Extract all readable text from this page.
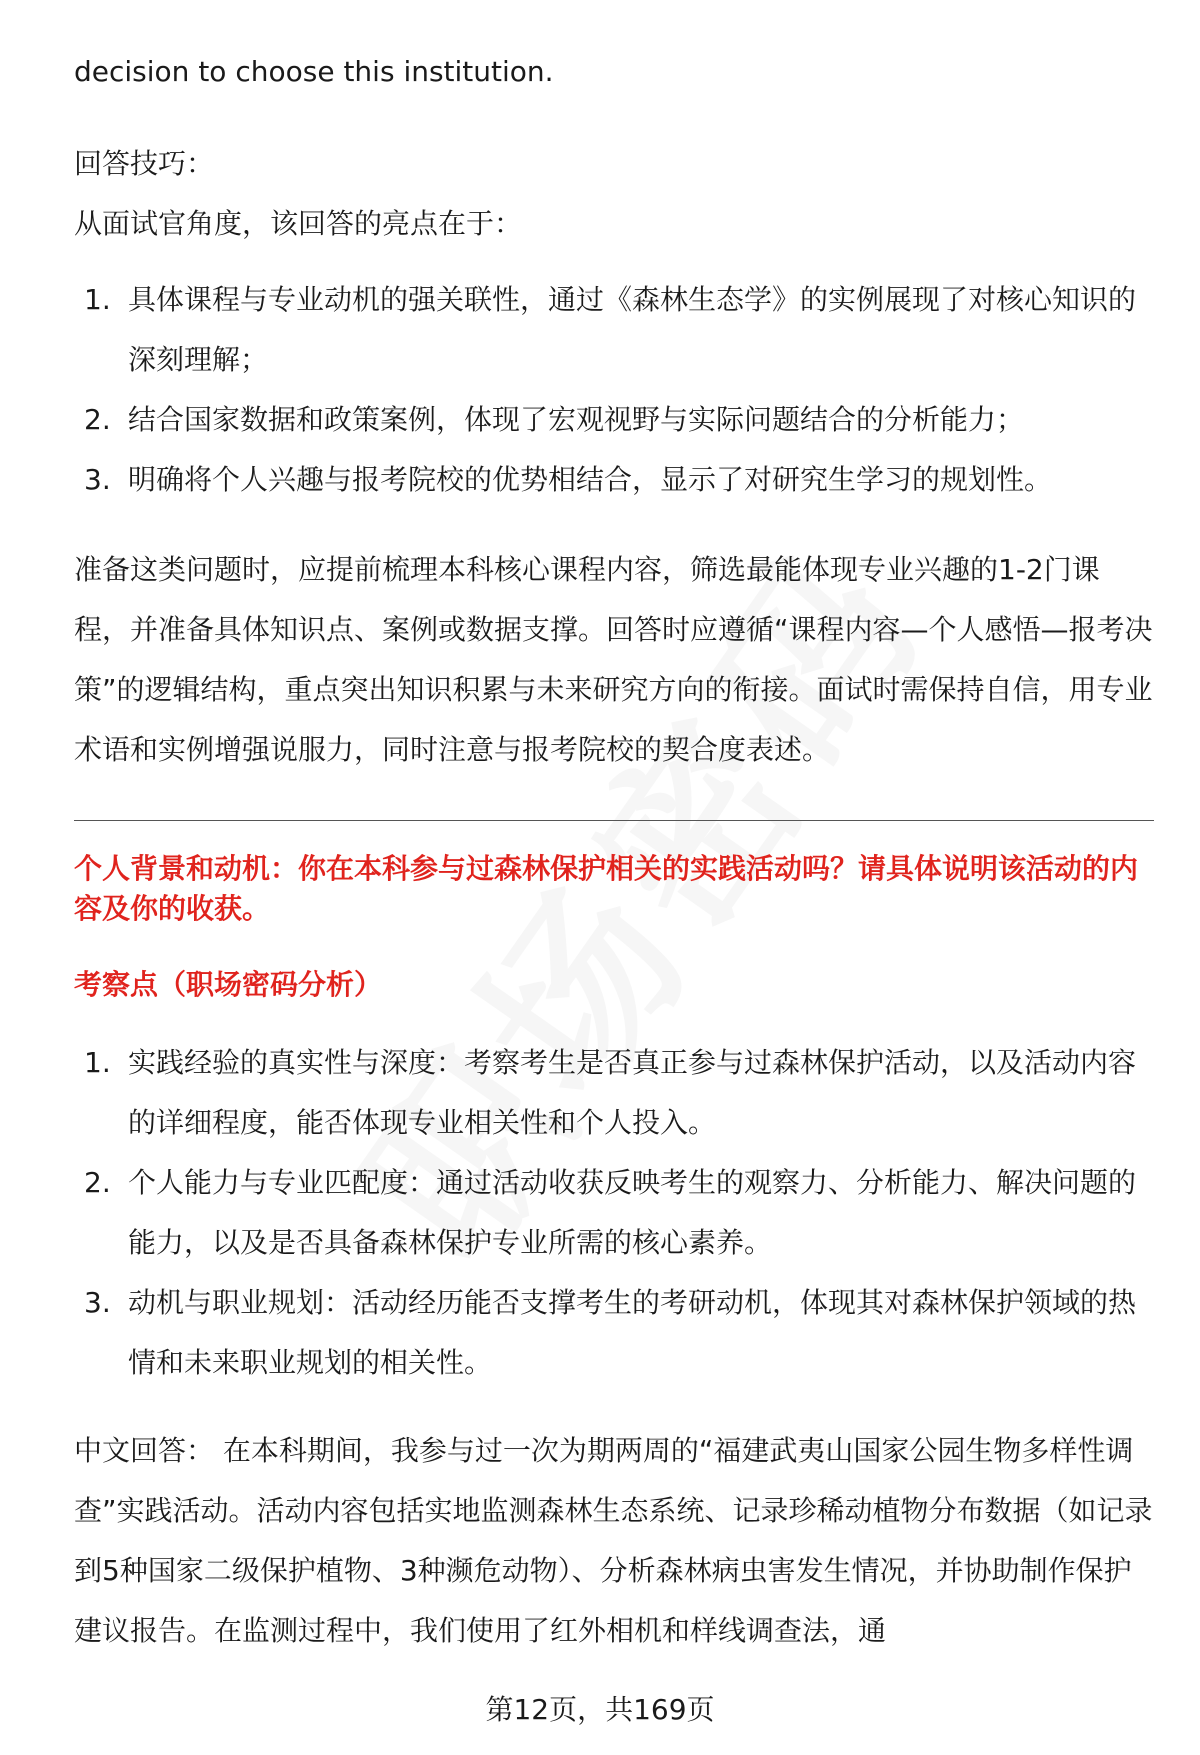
decision to choose this institution.

回答技巧：

从面试官角度，该回答的亮点在于：

1. 具体课程与专业动机的强关联性，通过《森林生态学》的实例展现了对核心知识的深刻理解；
2. 结合国家数据和政策案例，体现了宏观视野与实际问题结合的分析能力；
3. 明确将个人兴趣与报考院校的优势相结合，显示了对研究生学习的规划性。

准备这类问题时，应提前梳理本科核心课程内容，筛选最能体现专业兴趣的1-2门课程，并准备具体知识点、案例或数据支撑。回答时应遵循“课程内容—个人感悟—报考决策”的逻辑结构，重点突出知识积累与未来研究方向的衔接。面试时需保持自信，用专业术语和实例增强说服力，同时注意与报考院校的契合度表述。

个人背景和动机：你在本科参与过森林保护相关的实践活动吗？请具体说明该活动的内容及你的收获。

考察点（职场密码分析）

1. 实践经验的真实性与深度：考察考生是否真正参与过森林保护活动，以及活动内容的详细程度，能否体现专业相关性和个人投入。
2. 个人能力与专业匹配度：通过活动收获反映考生的观察力、分析能力、解决问题的能力，以及是否具备森林保护专业所需的核心素养。
3. 动机与职业规划：活动经历能否支撑考生的考研动机，体现其对森林保护领域的热情和未来职业规划的相关性。

中文回答： 在本科期间，我参与过一次为期两周的“福建武夷山国家公园生物多样性调查”实践活动。活动内容包括实地监测森林生态系统、记录珍稀动植物分布数据（如记录到5种国家二级保护植物、3种濒危动物）、分析森林病虫害发生情况，并协助制作保护建议报告。在监测过程中，我们使用了红外相机和样线调查法，通

第12页，共169页
